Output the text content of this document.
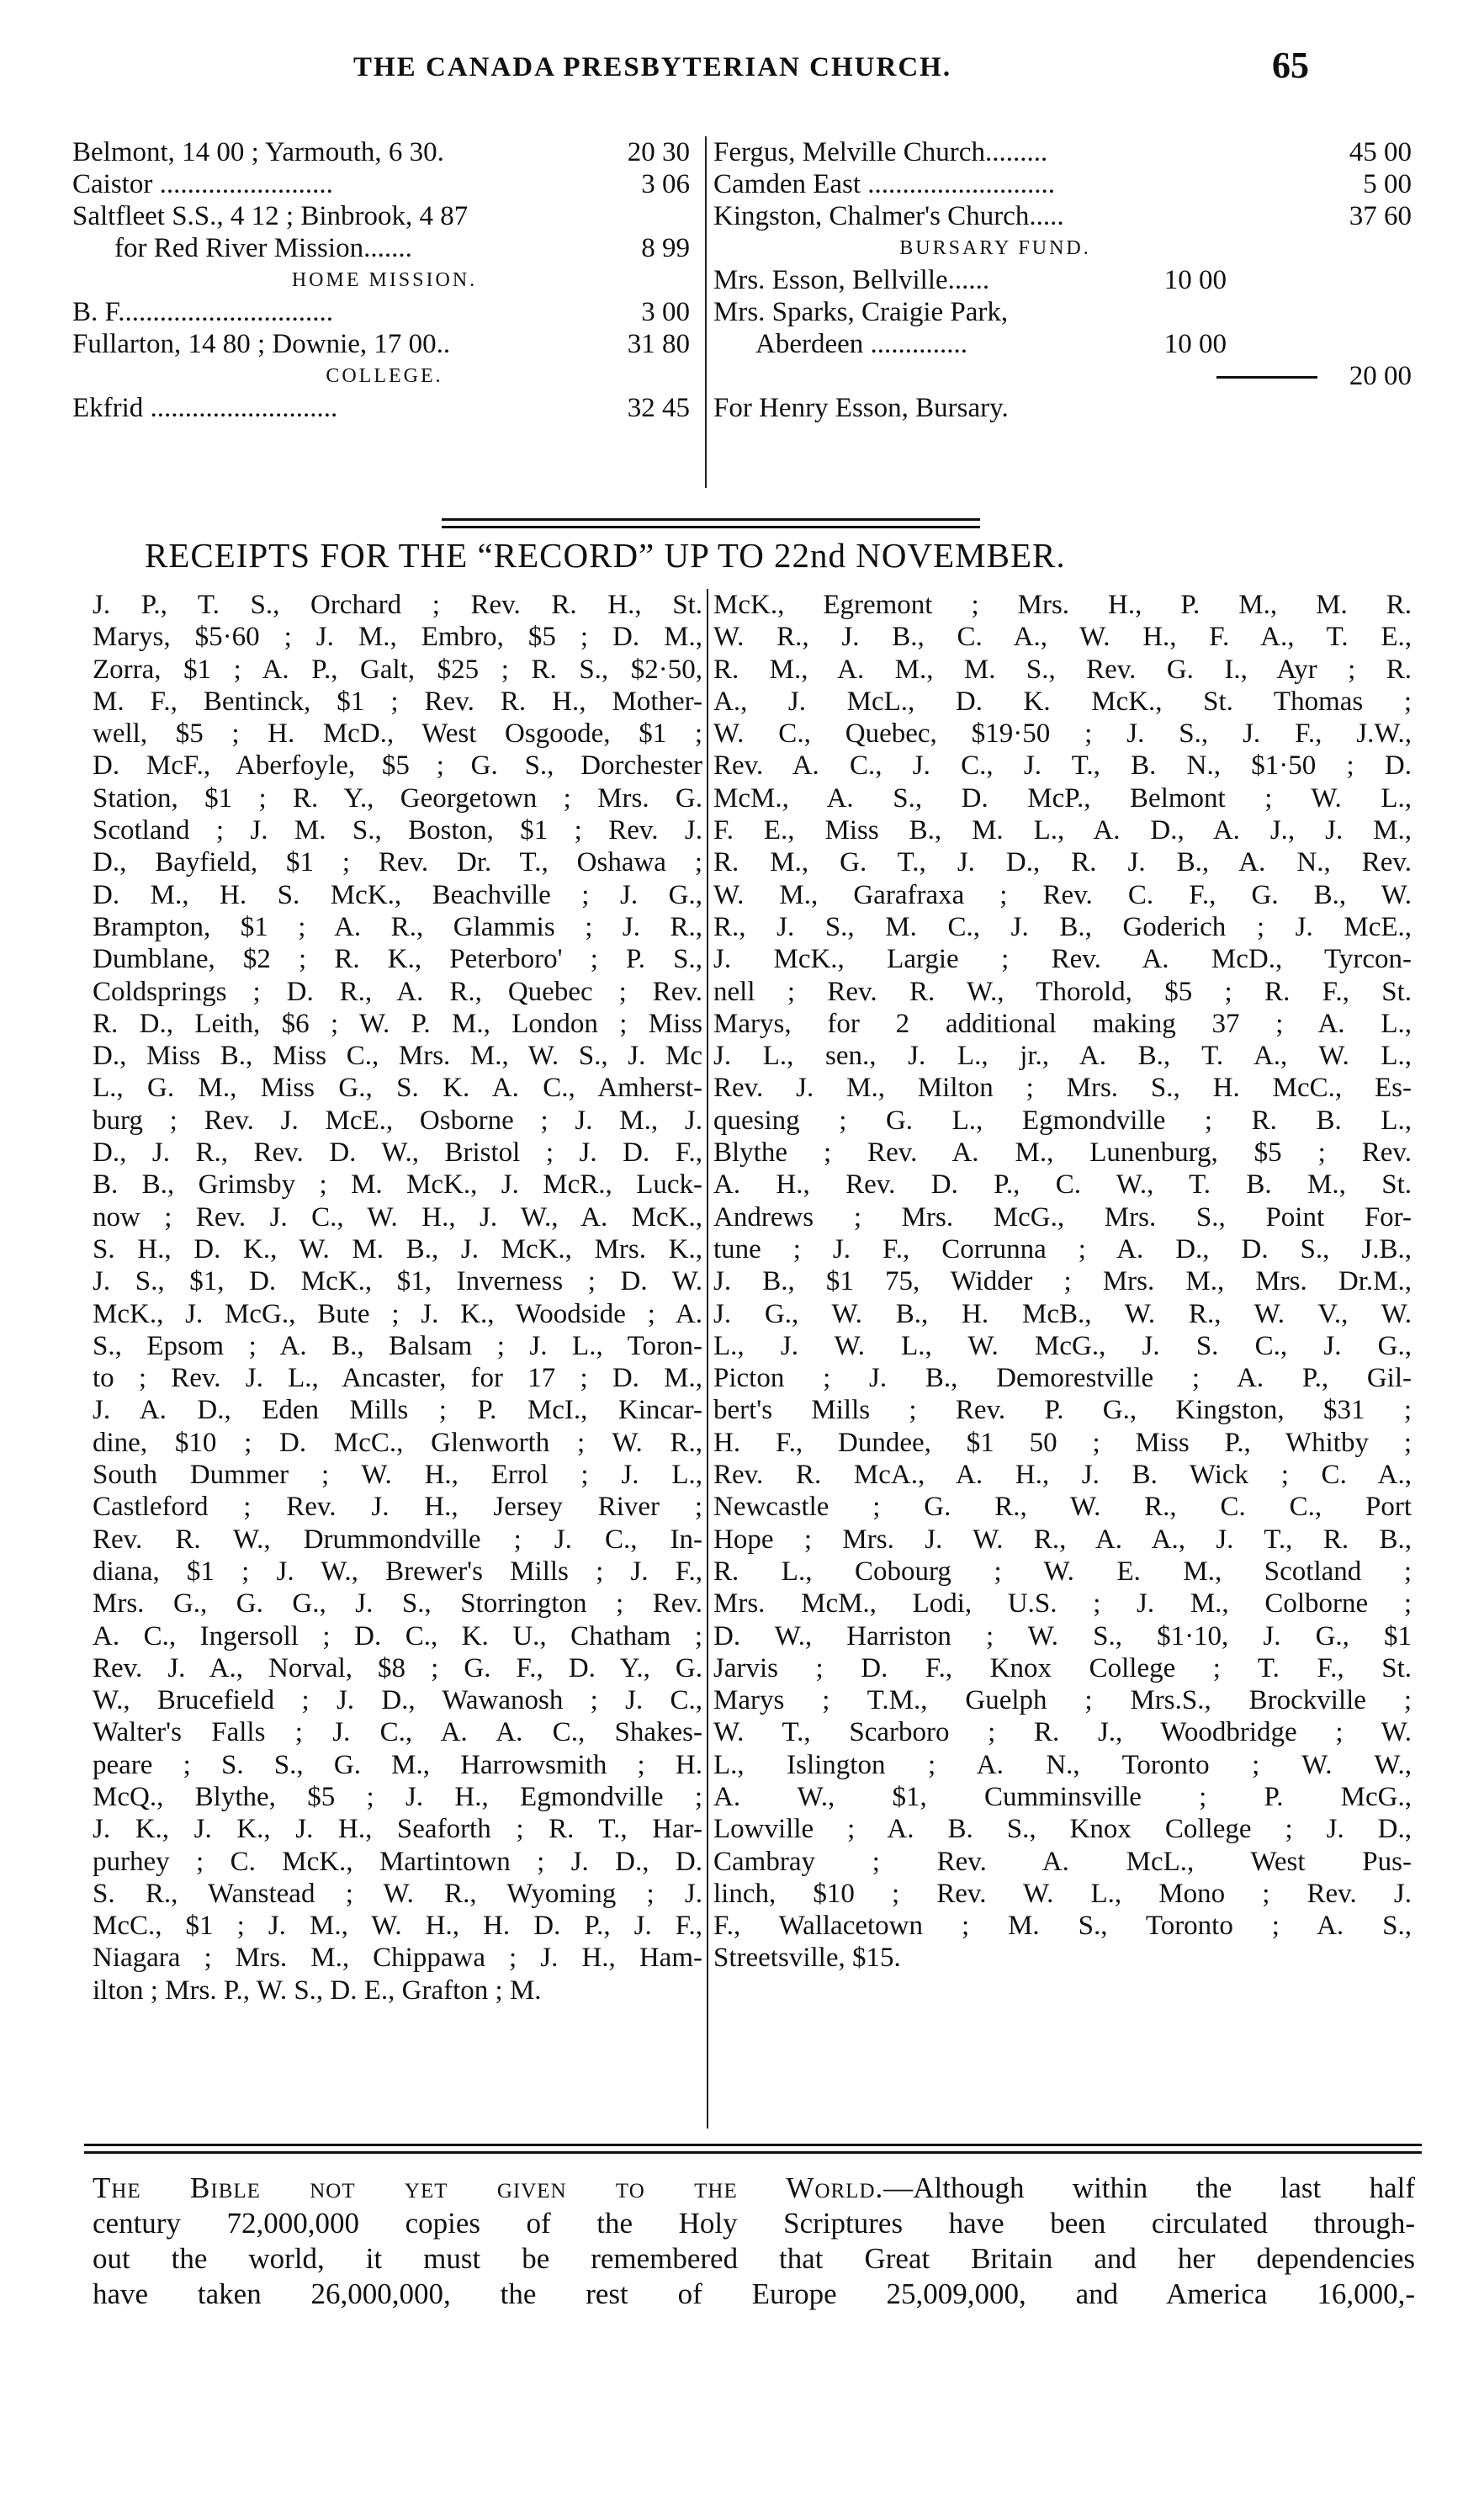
THE CANADA PRESBYTERIAN CHURCH.	65
Belmont, 14 00 ; Yarmouth, 6 30.	20 30
Caistor .........................	3 06
Saltfleet S.S., 4 12 ; Binbrook, 4 87
for Red River Mission.......	8 99
HOME MISSION.
B. F...............................	3 00
Fullarton, 14 80 ; Downie, 17 00..	31 80
COLLEGE.
Ekfrid ...........................	32 45
Fergus, Melville Church.........	45 00
Camden East ...........................	5 00
Kingston, Chalmer's Church.....	37 60
BURSARY FUND.
Mrs. Esson, Bellville......	10 00
Mrs. Sparks, Craigie Park,
Aberdeen ..............	10 00
20 00
For Henry Esson, Bursary.
RECEIPTS FOR THE “RECORD” UP TO 22nd NOVEMBER.
J. P., T. S., Orchard ; Rev. R. H., St.
Marys, $5·60 ; J. M., Embro, $5 ; D. M.,
Zorra, $1 ; A. P., Galt, $25 ; R. S., $2·50,
M. F., Bentinck, $1 ; Rev. R. H., Mother-
well, $5 ; H. McD., West Osgoode, $1 ;
D. McF., Aberfoyle, $5 ; G. S., Dorchester
Station, $1 ; R. Y., Georgetown ; Mrs. G.
Scotland ; J. M. S., Boston, $1 ; Rev. J.
D., Bayfield, $1 ; Rev. Dr. T., Oshawa ;
D. M., H. S. McK., Beachville ; J. G.,
Brampton, $1 ; A. R., Glammis ; J. R.,
Dumblane, $2 ; R. K., Peterboro' ; P. S.,
Coldsprings ; D. R., A. R., Quebec ; Rev.
R. D., Leith, $6 ; W. P. M., London ; Miss
D., Miss B., Miss C., Mrs. M., W. S., J. Mc
L., G. M., Miss G., S. K. A. C., Amherst-
burg ; Rev. J. McE., Osborne ; J. M., J.
D., J. R., Rev. D. W., Bristol ; J. D. F.,
B. B., Grimsby ; M. McK., J. McR., Luck-
now ; Rev. J. C., W. H., J. W., A. McK.,
S. H., D. K., W. M. B., J. McK., Mrs. K.,
J. S., $1, D. McK., $1, Inverness ; D. W.
McK., J. McG., Bute ; J. K., Woodside ; A.
S., Epsom ; A. B., Balsam ; J. L., Toron-
to ; Rev. J. L., Ancaster, for 17 ; D. M.,
J. A. D., Eden Mills ; P. McI., Kincar-
dine, $10 ; D. McC., Glenworth ; W. R.,
South Dummer ; W. H., Errol ; J. L.,
Castleford ; Rev. J. H., Jersey River ;
Rev. R. W., Drummondville ; J. C., In-
diana, $1 ; J. W., Brewer's Mills ; J. F.,
Mrs. G., G. G., J. S., Storrington ; Rev.
A. C., Ingersoll ; D. C., K. U., Chatham ;
Rev. J. A., Norval, $8 ; G. F., D. Y., G.
W., Brucefield ; J. D., Wawanosh ; J. C.,
Walter's Falls ; J. C., A. A. C., Shakes-
peare ; S. S., G. M., Harrowsmith ; H.
McQ., Blythe, $5 ; J. H., Egmondville ;
J. K., J. K., J. H., Seaforth ; R. T., Har-
purhey ; C. McK., Martintown ; J. D., D.
S. R., Wanstead ; W. R., Wyoming ; J.
McC., $1 ; J. M., W. H., H. D. P., J. F.,
Niagara ; Mrs. M., Chippawa ; J. H., Ham-
ilton ; Mrs. P., W. S., D. E., Grafton ; M.
McK., Egremont ; Mrs. H., P. M., M. R.
W. R., J. B., C. A., W. H., F. A., T. E.,
R. M., A. M., M. S., Rev. G. I., Ayr ; R.
A., J. McL., D. K. McK., St. Thomas ;
W. C., Quebec, $19·50 ; J. S., J. F., J.W.,
Rev. A. C., J. C., J. T., B. N., $1·50 ; D.
McM., A. S., D. McP., Belmont ; W. L.,
F. E., Miss B., M. L., A. D., A. J., J. M.,
R. M., G. T., J. D., R. J. B., A. N., Rev.
W. M., Garafraxa ; Rev. C. F., G. B., W.
R., J. S., M. C., J. B., Goderich ; J. McE.,
J. McK., Largie ; Rev. A. McD., Tyrcon-
nell ; Rev. R. W., Thorold, $5 ; R. F., St.
Marys, for 2 additional making 37 ; A. L.,
J. L., sen., J. L., jr., A. B., T. A., W. L.,
Rev. J. M., Milton ; Mrs. S., H. McC., Es-
quesing ; G. L., Egmondville ; R. B. L.,
Blythe ; Rev. A. M., Lunenburg, $5 ; Rev.
A. H., Rev. D. P., C. W., T. B. M., St.
Andrews ; Mrs. McG., Mrs. S., Point For-
tune ; J. F., Corrunna ; A. D., D. S., J.B.,
J. B., $1 75, Widder ; Mrs. M., Mrs. Dr.M.,
J. G., W. B., H. McB., W. R., W. V., W.
L., J. W. L., W. McG., J. S. C., J. G.,
Picton ; J. B., Demorestville ; A. P., Gil-
bert's Mills ; Rev. P. G., Kingston, $31 ;
H. F., Dundee, $1 50 ; Miss P., Whitby ;
Rev. R. McA., A. H., J. B. Wick ; C. A.,
Newcastle ; G. R., W. R., C. C., Port
Hope ; Mrs. J. W. R., A. A., J. T., R. B.,
R. L., Cobourg ; W. E. M., Scotland ;
Mrs. McM., Lodi, U.S. ; J. M., Colborne ;
D. W., Harriston ; W. S., $1·10, J. G., $1
Jarvis ; D. F., Knox College ; T. F., St.
Marys ; T.M., Guelph ; Mrs.S., Brockville ;
W. T., Scarboro ; R. J., Woodbridge ; W.
L., Islington ; A. N., Toronto ; W. W.,
A. W., $1, Cumminsville ; P. McG.,
Lowville ; A. B. S., Knox College ; J. D.,
Cambray ; Rev. A. McL., West Pus-
linch, $10 ; Rev. W. L., Mono ; Rev. J.
F., Wallacetown ; M. S., Toronto ; A. S.,
Streetsville, $15.
The Bible not yet given to the World.—Although within the last half
century 72,000,000 copies of the Holy Scriptures have been circulated through-
out the world, it must be remembered that Great Britain and her dependencies
have taken 26,000,000, the rest of Europe 25,009,000, and America 16,000,-
